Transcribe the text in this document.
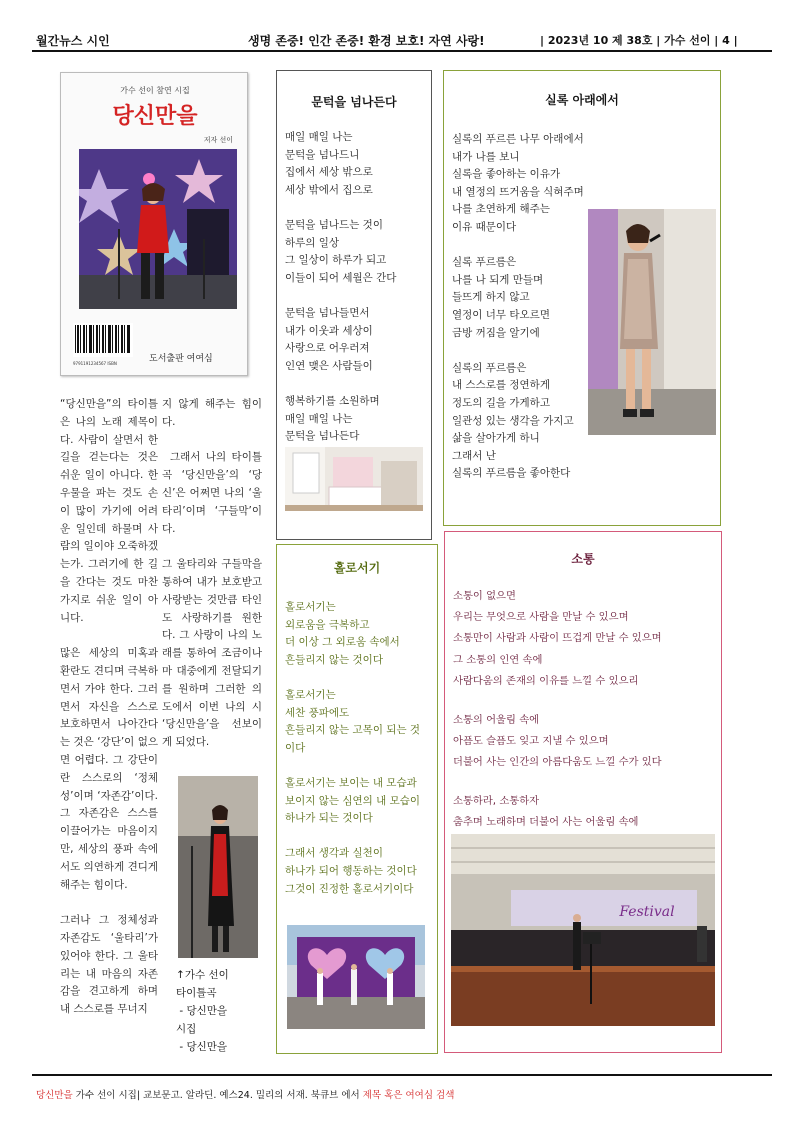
월간뉴스 시인	생명 존중! 인간 존중! 환경 보호! 자연 사랑!	| 2023년 10 제 38호 | 가수 선이 | 4 |
가수 선이 참연 시집
당신만을
저자 선이
9791191234567 ISBN	도서출판 여여심

“당신만을”의 타이틀은 나의 노래 제목이다. 사람이 살면서 한 길을 걷는다는 것은 쉬운 일이 아니다. 한 우물을 파는 것도 손이 많이 가기에 어려운 일인데 하물며 사람의 일이야 오죽하겠는가. 그러기에 한 길을 간다는 것도 마찬가지로 쉬운 일이 아니다.

많은 세상의 미혹과 환란도 견디며 극복하면서 가야 한다. 그러면서 자신을 스스로 보호하면서 나아간다는 것은 ‘강단’이 없으면 어렵다. 그 강단이란 스스로의 ‘정체성’이며 ‘자존감’이다. 그 자존감은 스스를 이끌어가는 마음이지만, 세상의 풍파 속에서도 의연하게 견디게 해주는 힘이다.

그러나 그 정체성과 자존감도 ‘울타리’가 있어야 한다. 그 울타리는 내 마음의 자존감을 견고하게 하며 내 스스로를 무너지

지 않게 해주는 힘이다.

그래서 나의 타이틀곡 ‘당신만을’의 ‘당신’은 어쩌면 나의 ‘울타리’이며 ‘구들막’이다.

그 울타리와 구들막을 통하여 내가 보호받고 사랑받는 것만큼 타인도 사랑하기를 원한다. 그 사랑이 나의 노래를 통하여 조금이나마 대중에게 전달되기를 원하며 그러한 의도에서 이번 나의 시 ‘당신만을’을 선보이게 되었다.

↑가수 선이
타이틀곡
- 당신만을
시집
- 당신만을
문턱을 넘나든다
매일 매일 나는
문턱을 넘나드니
집에서 세상 밖으로
세상 밖에서 집으로
문턱을 넘나드는 것이
하루의 일상
그 일상이 하루가 되고
이들이 되어 세월은 간다
문턱을 넘나들면서
내가 이웃과 세상이
사랑으로 어우러져
인연 맺은 사람들이
행복하기를 소원하며
매일 매일 나는
문턱을 넘나든다
실록 아래에서
실록의 푸르른 나무 아래에서
내가 나를 보니
실록을 좋아하는 이유가
내 열정의 뜨거움을 식혀주며
나를 초연하게 해주는
이유 때문이다
실록 푸르름은
나를 나 되게 만들며
들뜨게 하지 않고
열정이 너무 타오르면
금방 꺼짐을 알기에
실록의 푸르름은
내 스스로를 정연하게
정도의 길을 가게하고
일관성 있는 생각을 가지고
삶을 살아가게 하니
그래서 난
실록의 푸르름을 좋아한다
홀로서기
홀로서기는
외로움을 극복하고
더 이상 그 외로움 속에서
흔들리지 않는 것이다
홀로서기는
세찬 풍파에도
흔들리지 않는 고목이 되는 것
이다
홀로서기는 보이는 내 모습과
보이지 않는 심연의 내 모습이
하나가 되는 것이다
그래서 생각과 실천이
하나가 되어 행동하는 것이다
그것이 진정한 홀로서기이다
소통
소통이 없으면
우리는 무엇으로 사람을 만날 수 있으며
소통만이 사람과 사람이 뜨겁게 만날 수 있으며
그 소통의 인연 속에
사람다움의 존재의 이유를 느낄 수 있으리
소통의 어울림 속에
아픔도 슬픔도 잊고 지낼 수 있으며
더불어 사는 인간의 아름다움도 느낄 수가 있다
소통하라, 소통하자
춤추며 노래하며 더불어 사는 어울림 속에
Festival
당신만을 가수 선이 시집| 교보문고. 알라딘. 예스24. 밀리의 서재. 북큐브 에서 제목 혹은 여여심 검색
